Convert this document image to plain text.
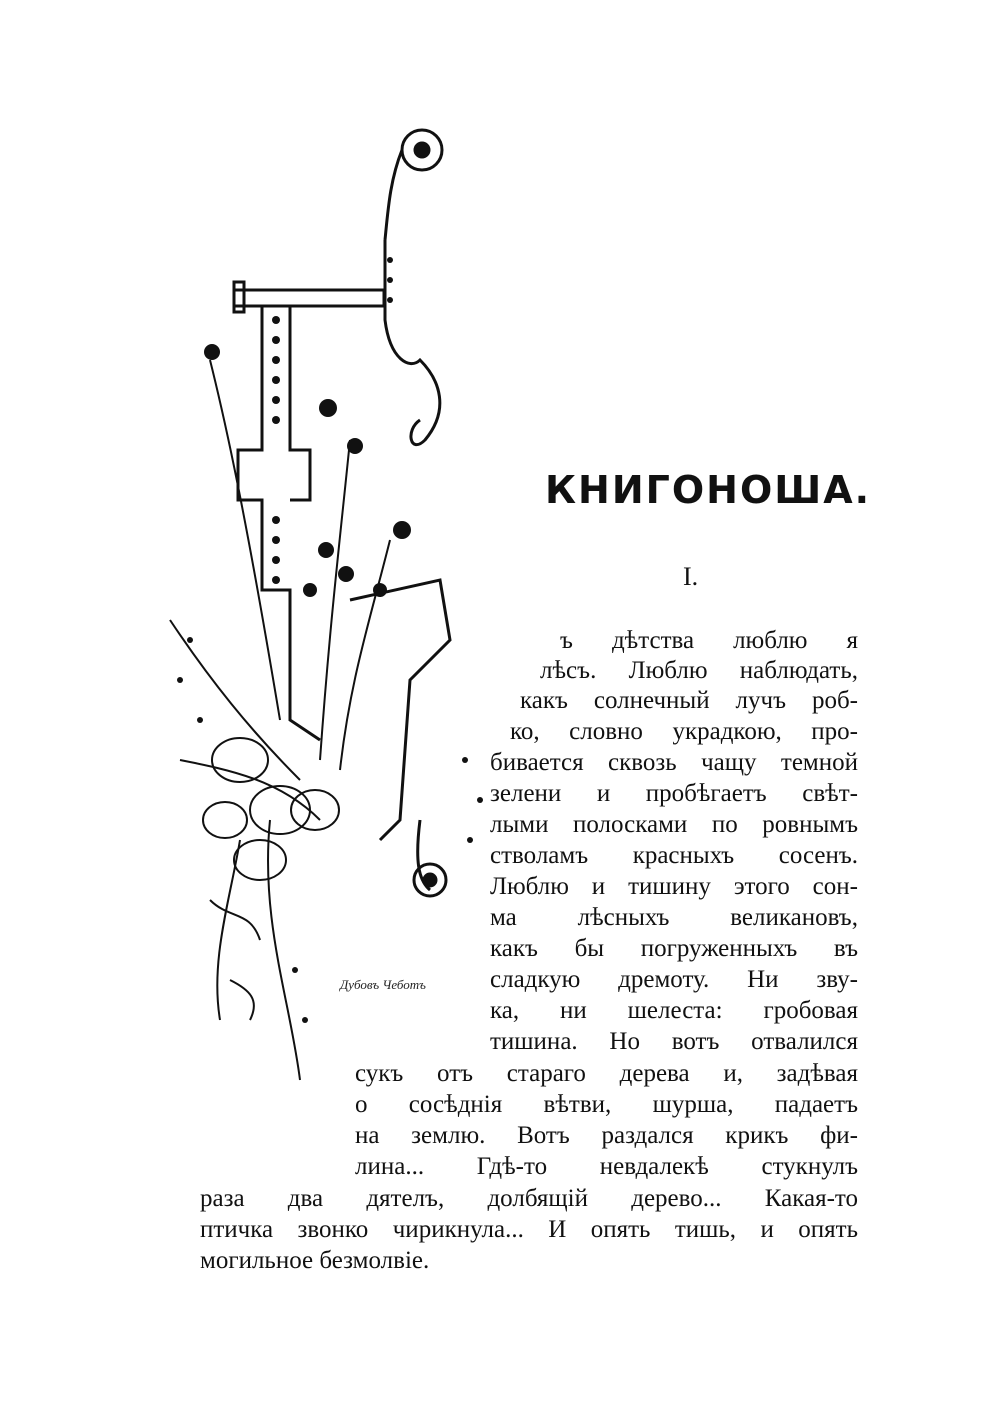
Дубовъ Чеботъ
КНИГОНОША.
I.
ъ дѣтства люблю я
лѣсъ. Люблю наблюдать,
какъ солнечный лучъ роб-
ко, словно украдкою, про-
бивается сквозь чащу темной
зелени и пробѣгаетъ свѣт-
лыми полосками по ровнымъ
стволамъ красныхъ сосенъ.
Люблю и тишину этого сон-
ма лѣсныхъ великановъ,
какъ бы погруженныхъ въ
сладкую дремоту. Ни зву-
ка, ни шелеста: гробовая
тишина. Но вотъ отвалился
сукъ отъ стараго дерева и, задѣвая
о сосѣднія вѣтви, шурша, падаетъ
на землю. Вотъ раздался крикъ фи-
лина... Гдѣ-то невдалекѣ стукнулъ
раза два дятелъ, долбящій дерево... Какая-то
птичка звонко чирикнула... И опять тишь, и опять
могильное безмолвіе.
